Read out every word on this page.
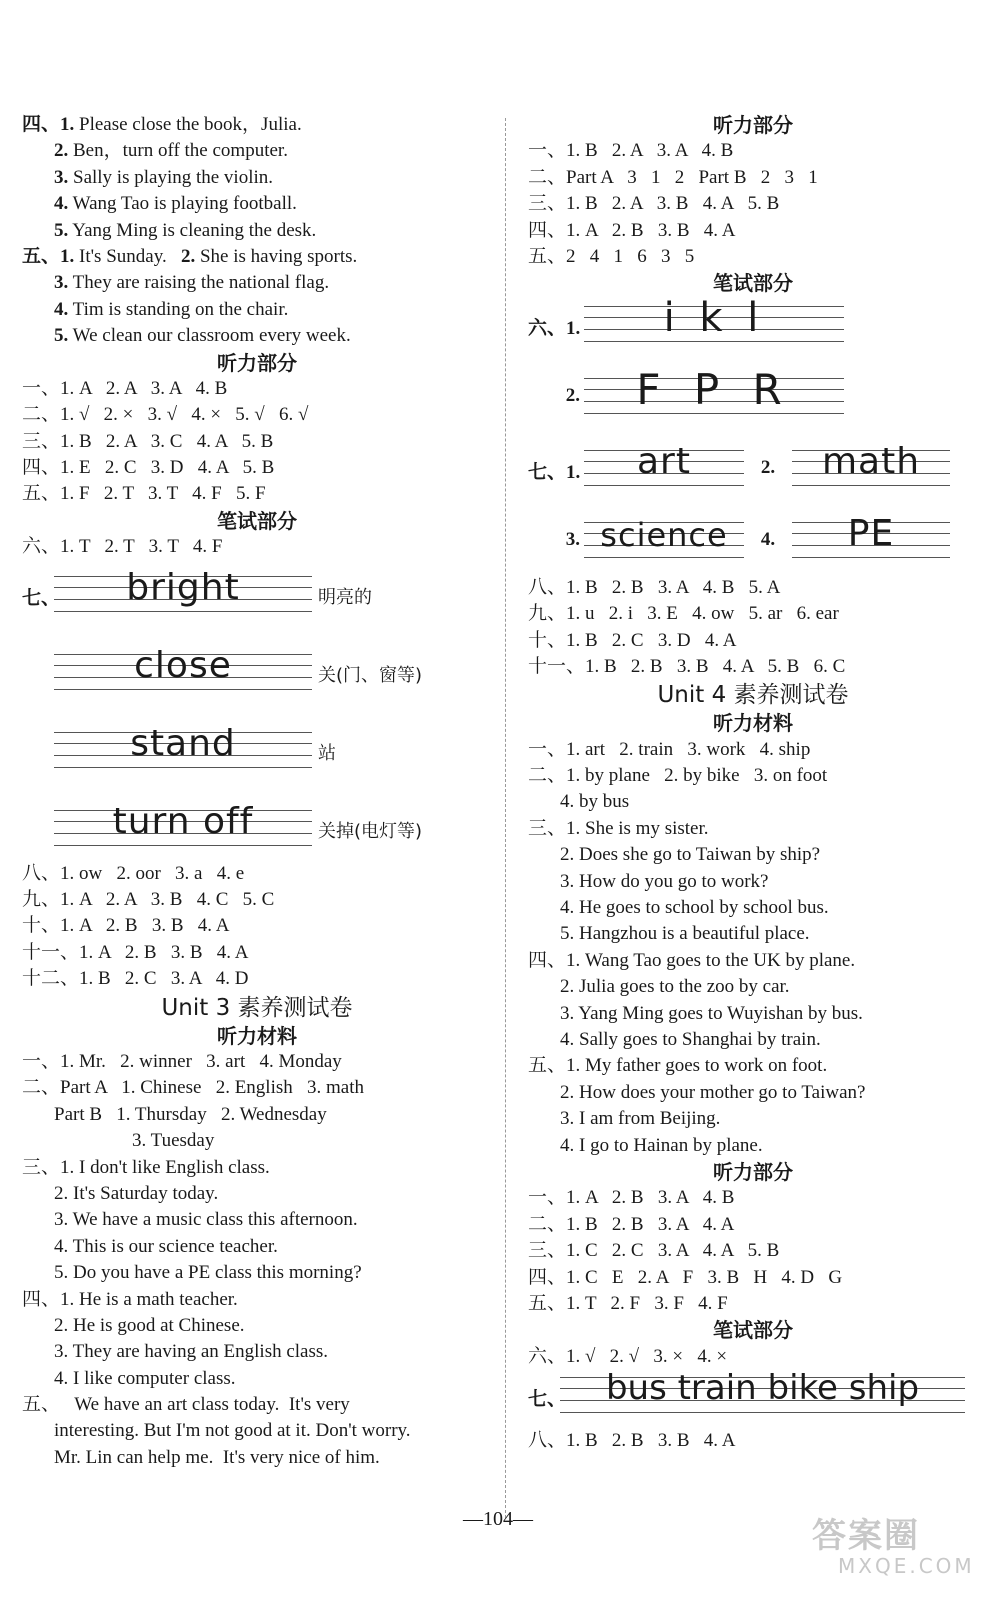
四、1. Please close the book，Julia.
2. Ben，turn off the computer.
3. Sally is playing the violin.
4. Wang Tao is playing football.
5. Yang Ming is cleaning the desk.
五、1. It's Sunday. 2. She is having sports.
3. They are raising the national flag.
4. Tim is standing on the chair.
5. We clean our classroom every week.
听力部分
一、1. A   2. A   3. A   4. B
二、1. √   2. ×   3. √   4. ×   5. √   6. √
三、1. B   2. A   3. C   4. A   5. B
四、1. E   2. C   3. D   4. A   5. B
五、1. F   2. T   3. T   4. F   5. F
笔试部分
六、1. T   2. T   3. T   4. F
七、	bright	明亮的
close	关(门、窗等)
stand	站
turn off	关掉(电灯等)
八、1. ow   2. oor   3. a   4. e
九、1. A   2. A   3. B   4. C   5. C
十、1. A   2. B   3. B   4. A
十一、1. A   2. B   3. B   4. A
十二、1. B   2. C   3. A   4. D
Unit 3 素养测试卷
听力材料
一、1. Mr.   2. winner   3. art   4. Monday
二、Part A   1. Chinese   2. English   3. math
Part B   1. Thursday   2. Wednesday
3. Tuesday
三、1. I don't like English class.
2. It's Saturday today.
3. We have a music class this afternoon.
4. This is our science teacher.
5. Do you have a PE class this morning?
四、1. He is a math teacher.
2. He is good at Chinese.
3. They are having an English class.
4. I like computer class.
五、   We have an art class today.  It's very
interesting. But I'm not good at it. Don't worry.
Mr. Lin can help me.  It's very nice of him.
听力部分
一、1. B   2. A   3. A   4. B
二、Part A   3   1   2   Part B   2   3   1
三、1. B   2. A   3. B   4. A   5. B
四、1. A   2. B   3. B   4. A
五、2   4   1   6   3   5
笔试部分
六、1.	i k l
2.	F P R
七、1.	art	2.	math
3. science	4.	PE
八、1. B   2. B   3. A   4. B   5. A
九、1. u   2. i   3. E   4. ow   5. ar   6. ear
十、1. B   2. C   3. D   4. A
十一、1. B   2. B   3. B   4. A   5. B   6. C
Unit 4 素养测试卷
听力材料
一、1. art   2. train   3. work   4. ship
二、1. by plane   2. by bike   3. on foot
4. by bus
三、1. She is my sister.
2. Does she go to Taiwan by ship?
3. How do you go to work?
4. He goes to school by school bus.
5. Hangzhou is a beautiful place.
四、1. Wang Tao goes to the UK by plane.
2. Julia goes to the zoo by car.
3. Yang Ming goes to Wuyishan by bus.
4. Sally goes to Shanghai by train.
五、1. My father goes to work on foot.
2. How does your mother go to Taiwan?
3. I am from Beijing.
4. I go to Hainan by plane.
听力部分
一、1. A   2. B   3. A   4. B
二、1. B   2. B   3. A   4. A
三、1. C   2. C   3. A   4. A   5. B
四、1. C   E   2. A   F   3. B   H   4. D   G
五、1. T   2. F   3. F   4. F
笔试部分
六、1. √   2. √   3. ×   4. ×
七、	bus train bike ship
八、1. B   2. B   3. B   4. A
—104—	答案圈
MXQE.COM
